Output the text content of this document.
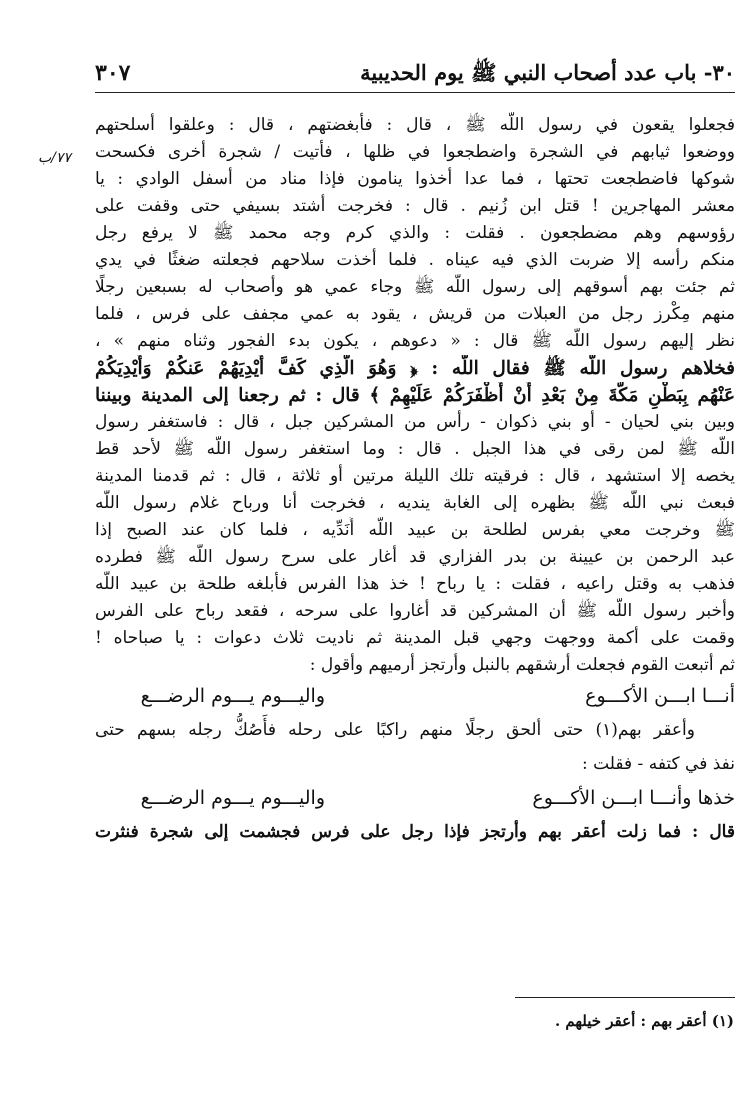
٣٠- باب عدد أصحاب النبي ﷺ يوم الحديبية
٣٠٧
٧٧/ب
فجعلوا يقعون في رسول اللّه ﷺ ، قال : فأبغضتهم ، قال : وعلقوا أسلحتهم
ووضعوا ثيابهم في الشجرة واضطجعوا في ظلها ، فأتيت / شجرة أخرى فكسحت
شوكها فاضطجعت تحتها ، فما عدا أخذوا ينامون فإذا مناد من أسفل الوادي : يا
معشر المهاجرين ! قتل ابن زُنيم . قال : فخرجت أشتد بسيفي حتى وقفت على
رؤوسهم وهم مضطجعون . فقلت : والذي كرم وجه محمد ﷺ لا يرفع رجل
منكم رأسه إلا ضربت الذي فيه عيناه . فلما أخذت سلاحهم فجعلته ضغثًا في يدي
ثم جئت بهم أسوقهم إلى رسول اللّه ﷺ وجاء عمي هو وأصحاب له بسبعين رجلًا
منهم مِكْرز رجل من العبلات من قريش ، يقود به عمي مجفف على فرس ، فلما
نظر إليهم رسول اللّه ﷺ قال : « دعوهم ، يكون بدء الفجور وثناه منهم » ،
فخلاهم رسول اللّه ﷺ فقال اللّه : ﴿ وَهُوَ الَّذِي كَفَّ أَيْدِيَهُمْ عَنكُمْ وَأَيْدِيَكُمْ
عَنْهُم بِبَطْنِ مَكَّةَ مِنْ بَعْدِ أَنْ أَظْفَرَكُمْ عَلَيْهِمْ ﴾ قال : ثم رجعنا إلى المدينة وبيننا
وبين بني لحيان - أو بني ذكوان - رأس من المشركين جبل ، قال : فاستغفر رسول
اللّه ﷺ لمن رقى في هذا الجبل . قال : وما استغفر رسول اللّه ﷺ لأحد قط
يخصه إلا استشهد ، قال : فرقيته تلك الليلة مرتين أو ثلاثة ، قال : ثم قدمنا المدينة
فبعث نبي اللّه ﷺ بظهره إلى الغابة ينديه ، فخرجت أنا ورباح غلام رسول اللّه
ﷺ وخرجت معي بفرس لطلحة بن عبيد اللّه أُنَدِّيه ، فلما كان عند الصبح إذا
عبد الرحمن بن عيينة بن بدر الفزاري قد أغار على سرح رسول اللّه ﷺ فطرده
فذهب به وقتل راعيه ، فقلت : يا رباح ! خذ هذا الفرس فأبلغه طلحة بن عبيد اللّه
وأخبر رسول اللّه ﷺ أن المشركين قد أغاروا على سرحه ، فقعد رباح على الفرس
وقمت على أكمة ووجهت وجهي قبل المدينة ثم ناديت ثلاث دعوات : يا صباحاه !
ثم أتبعت القوم فجعلت أرشقهم بالنبل وأرتجز أرميهم وأقول :
أنـــا ابـــن الأكـــوع
واليـــوم يـــوم الرضـــع
وأعقر بهم(١) حتى ألحق رجلًا منهم راكبًا على رحله فأَصُكُّ رجله بسهم حتى
نفذ في كتفه - فقلت :
خذها وأنـــا ابـــن الأكـــوع
واليـــوم يـــوم الرضـــع
قال : فما زلت أعقر بهم وأرتجز فإذا رجل على فرس فجشمت إلى شجرة فنثرت
(١) أعقر بهم : أعقر خيلهم .
